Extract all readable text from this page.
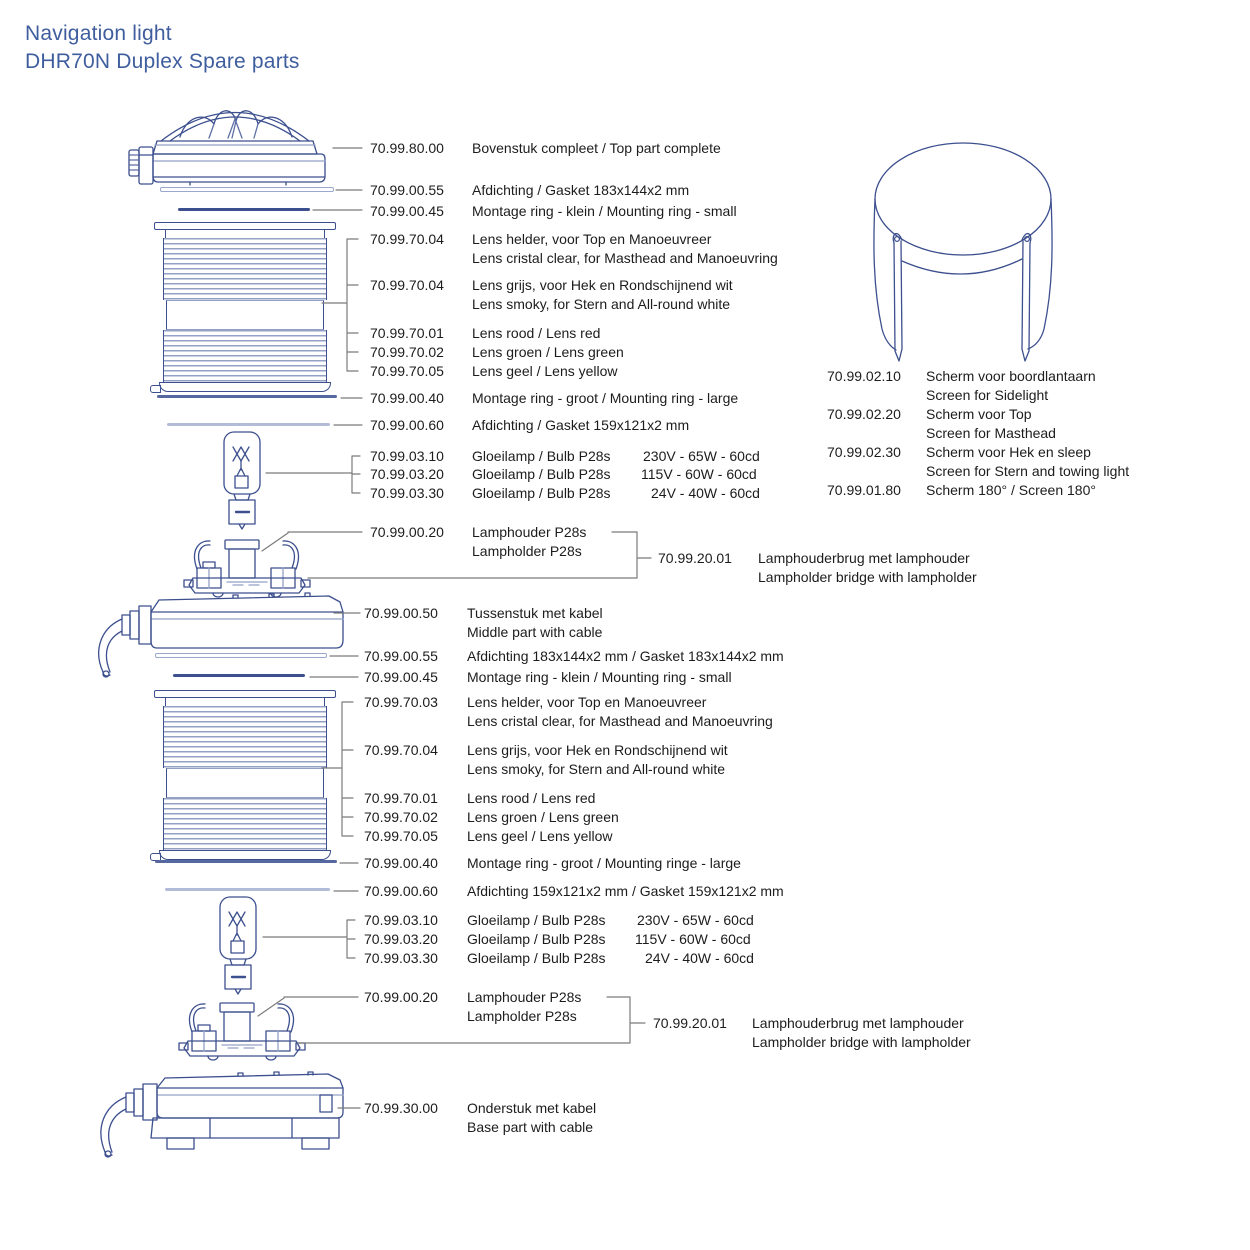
Navigation light
DHR70N Duplex Spare parts
70.99.80.00 Bovenstuk compleet / Top part complete
70.99.00.55 Afdichting / Gasket 183x144x2 mm
70.99.00.45 Montage ring - klein / Mounting ring - small
70.99.70.04 Lens helder, voor Top en Manoeuvreer
Lens cristal clear, for Masthead and Manoeuvring
70.99.70.04 Lens grijs, voor Hek en Rondschijnend wit
Lens smoky, for Stern and All-round white
70.99.70.01 Lens rood / Lens red
70.99.70.02 Lens groen / Lens green
70.99.70.05 Lens geel / Lens yellow
70.99.00.40 Montage ring - groot / Mounting ring - large
70.99.00.60 Afdichting / Gasket 159x121x2 mm
70.99.03.10 Gloeilamp / Bulb P28s 230V - 65W - 60cd
70.99.03.20 Gloeilamp / Bulb P28s 115V - 60W - 60cd
70.99.03.30 Gloeilamp / Bulb P28s	24V - 40W - 60cd
70.99.00.20 Lamphouder P28s
Lampholder P28s	70.99.20.01 Lamphouderbrug met lamphouder
Lampholder bridge with lampholder
70.99.00.50 Tussenstuk met kabel
Middle part with cable
70.99.00.55 Afdichting 183x144x2 mm / Gasket 183x144x2 mm
70.99.00.45 Montage ring - klein / Mounting ring - small
70.99.70.03 Lens helder, voor Top en Manoeuvreer
Lens cristal clear, for Masthead and Manoeuvring
70.99.70.04 Lens grijs, voor Hek en Rondschijnend wit
Lens smoky, for Stern and All-round white
70.99.70.01 Lens rood / Lens red
70.99.70.02 Lens groen / Lens green
70.99.70.05 Lens geel / Lens yellow
70.99.00.40 Montage ring - groot / Mounting ringe - large
70.99.00.60 Afdichting 159x121x2 mm / Gasket 159x121x2 mm
70.99.03.10 Gloeilamp / Bulb P28s 230V - 65W - 60cd
70.99.03.20 Gloeilamp / Bulb P28s 115V - 60W - 60cd
70.99.03.30 Gloeilamp / Bulb P28s	24V - 40W - 60cd
70.99.00.20 Lamphouder P28s
Lampholder P28s	70.99.20.01 Lamphouderbrug met lamphouder
Lampholder bridge with lampholder
70.99.30.00 Onderstuk met kabel
Base part with cable
70.99.02.10 Scherm voor boordlantaarn
Screen for Sidelight
70.99.02.20 Scherm voor Top
Screen for Masthead
70.99.02.30 Scherm voor Hek en sleep
Screen for Stern and towing light
70.99.01.80 Scherm 180° / Screen 180°
